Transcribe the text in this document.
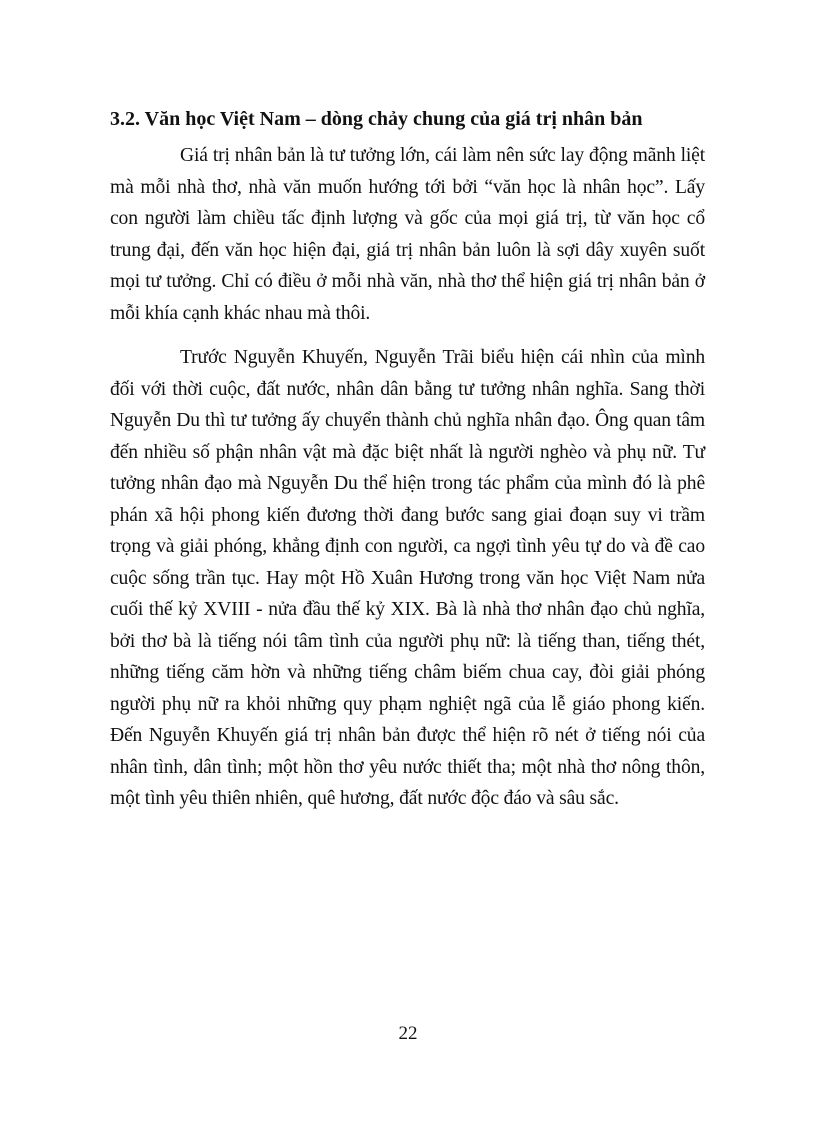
3.2. Văn học Việt Nam – dòng chảy chung của giá trị nhân bản

Giá trị nhân bản là tư tưởng lớn, cái làm nên sức lay động mãnh liệt mà mỗi nhà thơ, nhà văn muốn hướng tới bởi “văn học là nhân học”. Lấy con người làm chiều tấc định lượng và gốc của mọi giá trị, từ văn học cổ trung đại, đến văn học hiện đại, giá trị nhân bản luôn là sợi dây xuyên suốt mọi tư tưởng. Chỉ có điều ở mỗi nhà văn, nhà thơ thể hiện giá trị nhân bản ở mỗi khía cạnh khác nhau mà thôi.

Trước Nguyễn Khuyến, Nguyễn Trãi biểu hiện cái nhìn của mình đối với thời cuộc, đất nước, nhân dân bằng tư tưởng nhân nghĩa. Sang thời Nguyễn Du thì tư tưởng ấy chuyển thành chủ nghĩa nhân đạo. Ông quan tâm đến nhiều số phận nhân vật mà đặc biệt nhất là người nghèo và phụ nữ. Tư tưởng nhân đạo mà Nguyễn Du thể hiện trong tác phẩm của mình đó là phê phán xã hội phong kiến đương thời đang bước sang giai đoạn suy vi trầm trọng và giải phóng, khẳng định con người, ca ngợi tình yêu tự do và đề cao cuộc sống trần tục. Hay một Hồ Xuân Hương trong văn học Việt Nam nửa cuối thế kỷ XVIII - nửa đầu thế kỷ XIX. Bà là nhà thơ nhân đạo chủ nghĩa, bởi thơ bà là tiếng nói tâm tình của người phụ nữ: là tiếng than, tiếng thét, những tiếng căm hờn và những tiếng châm biếm chua cay, đòi giải phóng người phụ nữ ra khỏi những quy phạm nghiệt ngã của lễ giáo phong kiến. Đến Nguyễn Khuyến giá trị nhân bản được thể hiện rõ nét ở tiếng nói của nhân tình, dân tình; một hồn thơ yêu nước thiết tha; một nhà thơ nông thôn, một tình yêu thiên nhiên, quê hương, đất nước độc đáo và sâu sắc.

22
